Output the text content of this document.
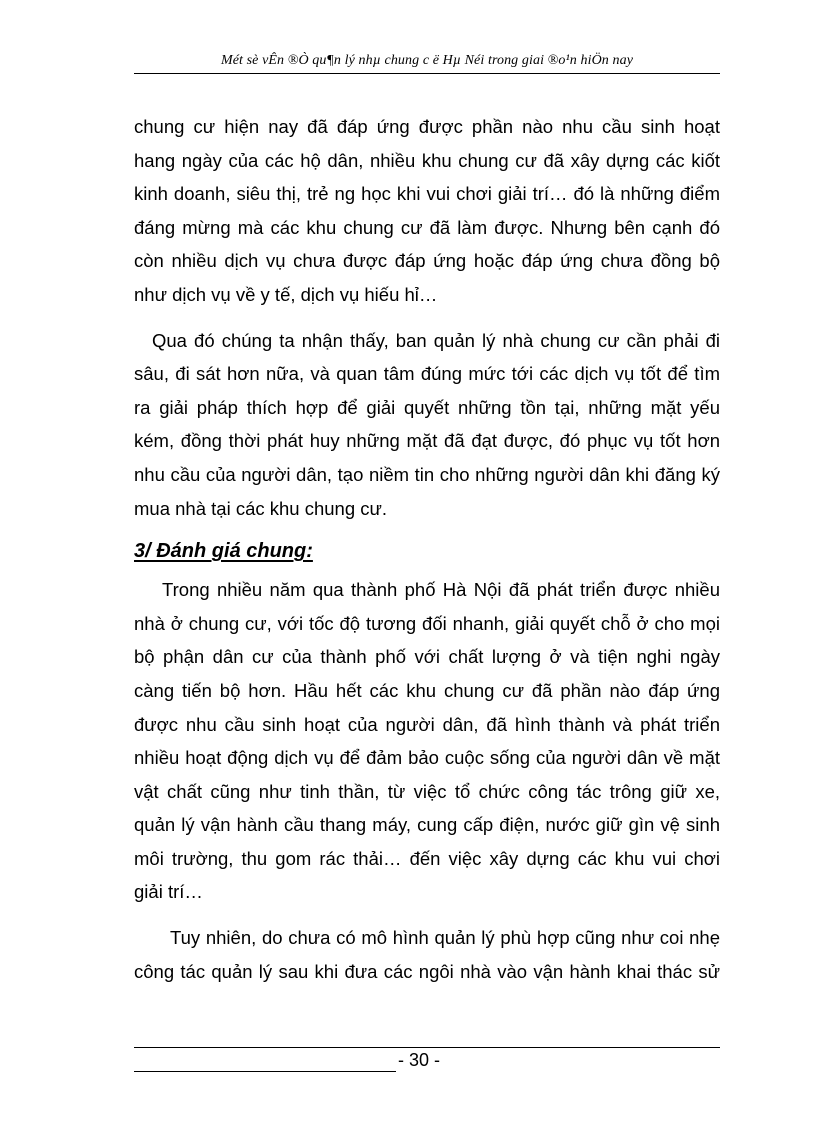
Mét sè vÊn ®Ò qu¶n lý nhµ chung c ë Hµ Néi trong giai ®o¹n hiÖn nay
chung cư hiện nay đã đáp ứng được phần nào nhu cầu sinh hoạt
hang ngày của các hộ dân, nhiều khu chung cư đã xây dựng các kiốt
kinh doanh, siêu thị, trẻ ng học khi vui chơi giải trí… đó là những điểm
đáng mừng mà các khu chung cư đã làm được. Nhưng bên cạnh đó
còn nhiều dịch vụ chưa được đáp ứng hoặc đáp ứng chưa đồng bộ
như dịch vụ về y tế, dịch vụ hiếu hỉ…
Qua đó chúng ta nhận thấy, ban quản lý nhà chung cư cần phải đi
sâu, đi sát hơn nữa, và quan tâm đúng mức tới các dịch vụ tốt để tìm
ra giải pháp thích hợp để giải quyết những tồn tại, những mặt yếu
kém, đồng thời phát huy những mặt đã đạt được, đó phục vụ tốt hơn
nhu cầu của người dân, tạo niềm tin cho những người dân khi đăng ký
mua nhà tại các khu chung cư.
3/ Đánh giá chung:
Trong nhiều năm qua thành phố Hà Nội đã phát triển được nhiều
nhà ở chung cư, với tốc độ tương đối nhanh, giải quyết chỗ ở cho mọi
bộ phận dân cư của thành phố với chất lượng ở và tiện nghi ngày
càng tiến bộ hơn. Hầu hết các khu chung cư đã phần nào đáp ứng
được nhu cầu sinh hoạt của người dân, đã hình thành và phát triển
nhiều hoạt động dịch vụ để đảm bảo cuộc sống của người dân về mặt
vật chất cũng như tinh thần, từ việc tổ chức công tác trông giữ xe,
quản lý vận hành cầu thang máy, cung cấp điện, nước giữ gìn vệ sinh
môi trường, thu gom rác thải… đến việc xây dựng các khu vui chơi
giải trí…
Tuy nhiên, do chưa có mô hình quản lý phù hợp cũng như coi nhẹ
công tác quản lý sau khi đưa các ngôi nhà vào vận hành khai thác sử
- 30 -
